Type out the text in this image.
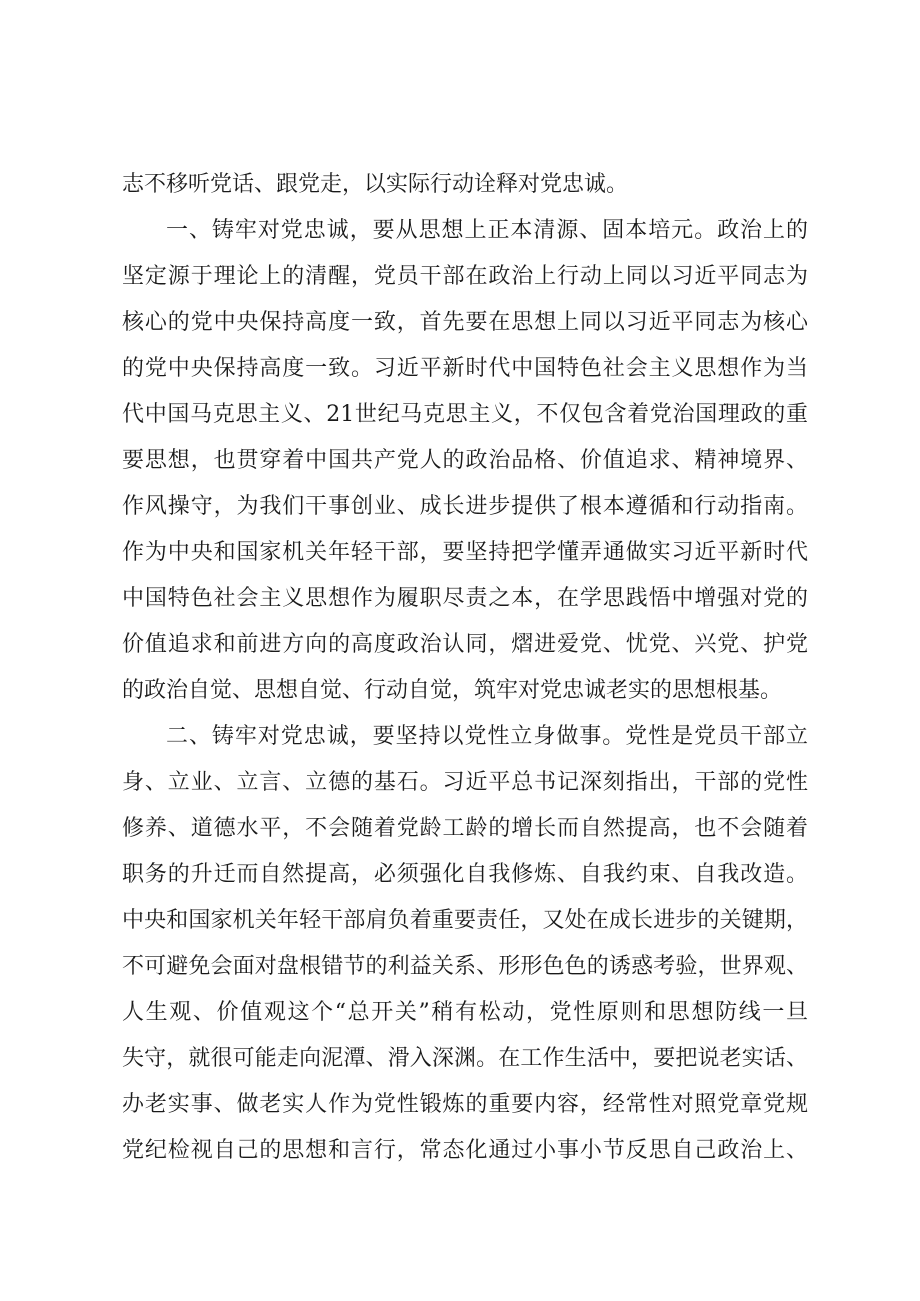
志不移听党话、跟党走，以实际行动诠释对党忠诚。
一、铸牢对党忠诚，要从思想上正本清源、固本培元。政治上的
坚定源于理论上的清醒，党员干部在政治上行动上同以习近平同志为
核心的党中央保持高度一致，首先要在思想上同以习近平同志为核心
的党中央保持高度一致。习近平新时代中国特色社会主义思想作为当
代中国马克思主义、21世纪马克思主义，不仅包含着党治国理政的重
要思想，也贯穿着中国共产党人的政治品格、价值追求、精神境界、
作风操守，为我们干事创业、成长进步提供了根本遵循和行动指南。
作为中央和国家机关年轻干部，要坚持把学懂弄通做实习近平新时代
中国特色社会主义思想作为履职尽责之本，在学思践悟中增强对党的
价值追求和前进方向的高度政治认同，熠进爱党、忧党、兴党、护党
的政治自觉、思想自觉、行动自觉，筑牢对党忠诚老实的思想根基。
二、铸牢对党忠诚，要坚持以党性立身做事。党性是党员干部立
身、立业、立言、立德的基石。习近平总书记深刻指出，干部的党性
修养、道德水平，不会随着党龄工龄的增长而自然提高，也不会随着
职务的升迁而自然提高，必须强化自我修炼、自我约束、自我改造。
中央和国家机关年轻干部肩负着重要责任，又处在成长进步的关键期，
不可避免会面对盘根错节的利益关系、形形色色的诱惑考验，世界观、
人生观、价值观这个“总开关”稍有松动，党性原则和思想防线一旦
失守，就很可能走向泥潭、滑入深渊。在工作生活中，要把说老实话、
办老实事、做老实人作为党性锻炼的重要内容，经常性对照党章党规
党纪检视自己的思想和言行，常态化通过小事小节反思自己政治上、
